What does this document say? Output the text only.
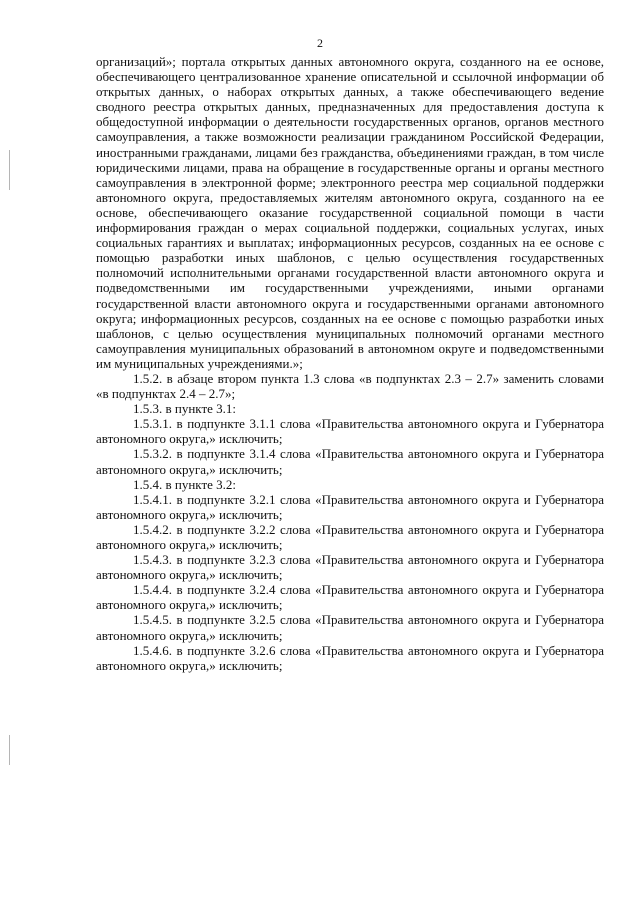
2

организаций»; портала открытых данных автономного округа, созданного на ее основе, обеспечивающего централизованное хранение описательной и ссылочной информации об открытых данных, о наборах открытых данных, а также обеспечивающего ведение сводного реестра открытых данных, предназначенных для предоставления доступа к общедоступной информации о деятельности государственных органов, органов местного самоуправления, а также возможности реализации гражданином Российской Федерации, иностранными гражданами, лицами без гражданства, объединениями граждан, в том числе юридическими лицами, права на обращение в государственные органы и органы местного самоуправления в электронной форме; электронного реестра мер социальной поддержки автономного округа, предоставляемых жителям автономного округа, созданного на ее основе, обеспечивающего оказание государственной социальной помощи в части информирования граждан о мерах социальной поддержки, социальных услугах, иных социальных гарантиях и выплатах; информационных ресурсов, созданных на ее основе с помощью разработки иных шаблонов, с целью осуществления государственных полномочий исполнительными органами государственной власти автономного округа и подведомственными им государственными учреждениями, иными органами государственной власти автономного округа и государственными органами автономного округа; информационных ресурсов, созданных на ее основе с помощью разработки иных шаблонов, с целью осуществления муниципальных полномочий органами местного самоуправления муниципальных образований в автономном округе и подведомственными им муниципальных учреждениями.»;

1.5.2. в абзаце втором пункта 1.3 слова «в подпунктах 2.3 – 2.7» заменить словами «в подпунктах 2.4 – 2.7»;

1.5.3. в пункте 3.1:

1.5.3.1. в подпункте 3.1.1 слова «Правительства автономного округа и Губернатора автономного округа,» исключить;

1.5.3.2. в подпункте 3.1.4 слова «Правительства автономного округа и Губернатора автономного округа,» исключить;

1.5.4. в пункте 3.2:

1.5.4.1. в подпункте 3.2.1 слова «Правительства автономного округа и Губернатора автономного округа,» исключить;

1.5.4.2. в подпункте 3.2.2 слова «Правительства автономного округа и Губернатора автономного округа,» исключить;

1.5.4.3. в подпункте 3.2.3 слова «Правительства автономного округа и Губернатора автономного округа,» исключить;

1.5.4.4. в подпункте 3.2.4 слова «Правительства автономного округа и Губернатора автономного округа,» исключить;

1.5.4.5. в подпункте 3.2.5 слова «Правительства автономного округа и Губернатора автономного округа,» исключить;

1.5.4.6. в подпункте 3.2.6 слова «Правительства автономного округа и Губернатора автономного округа,» исключить;
